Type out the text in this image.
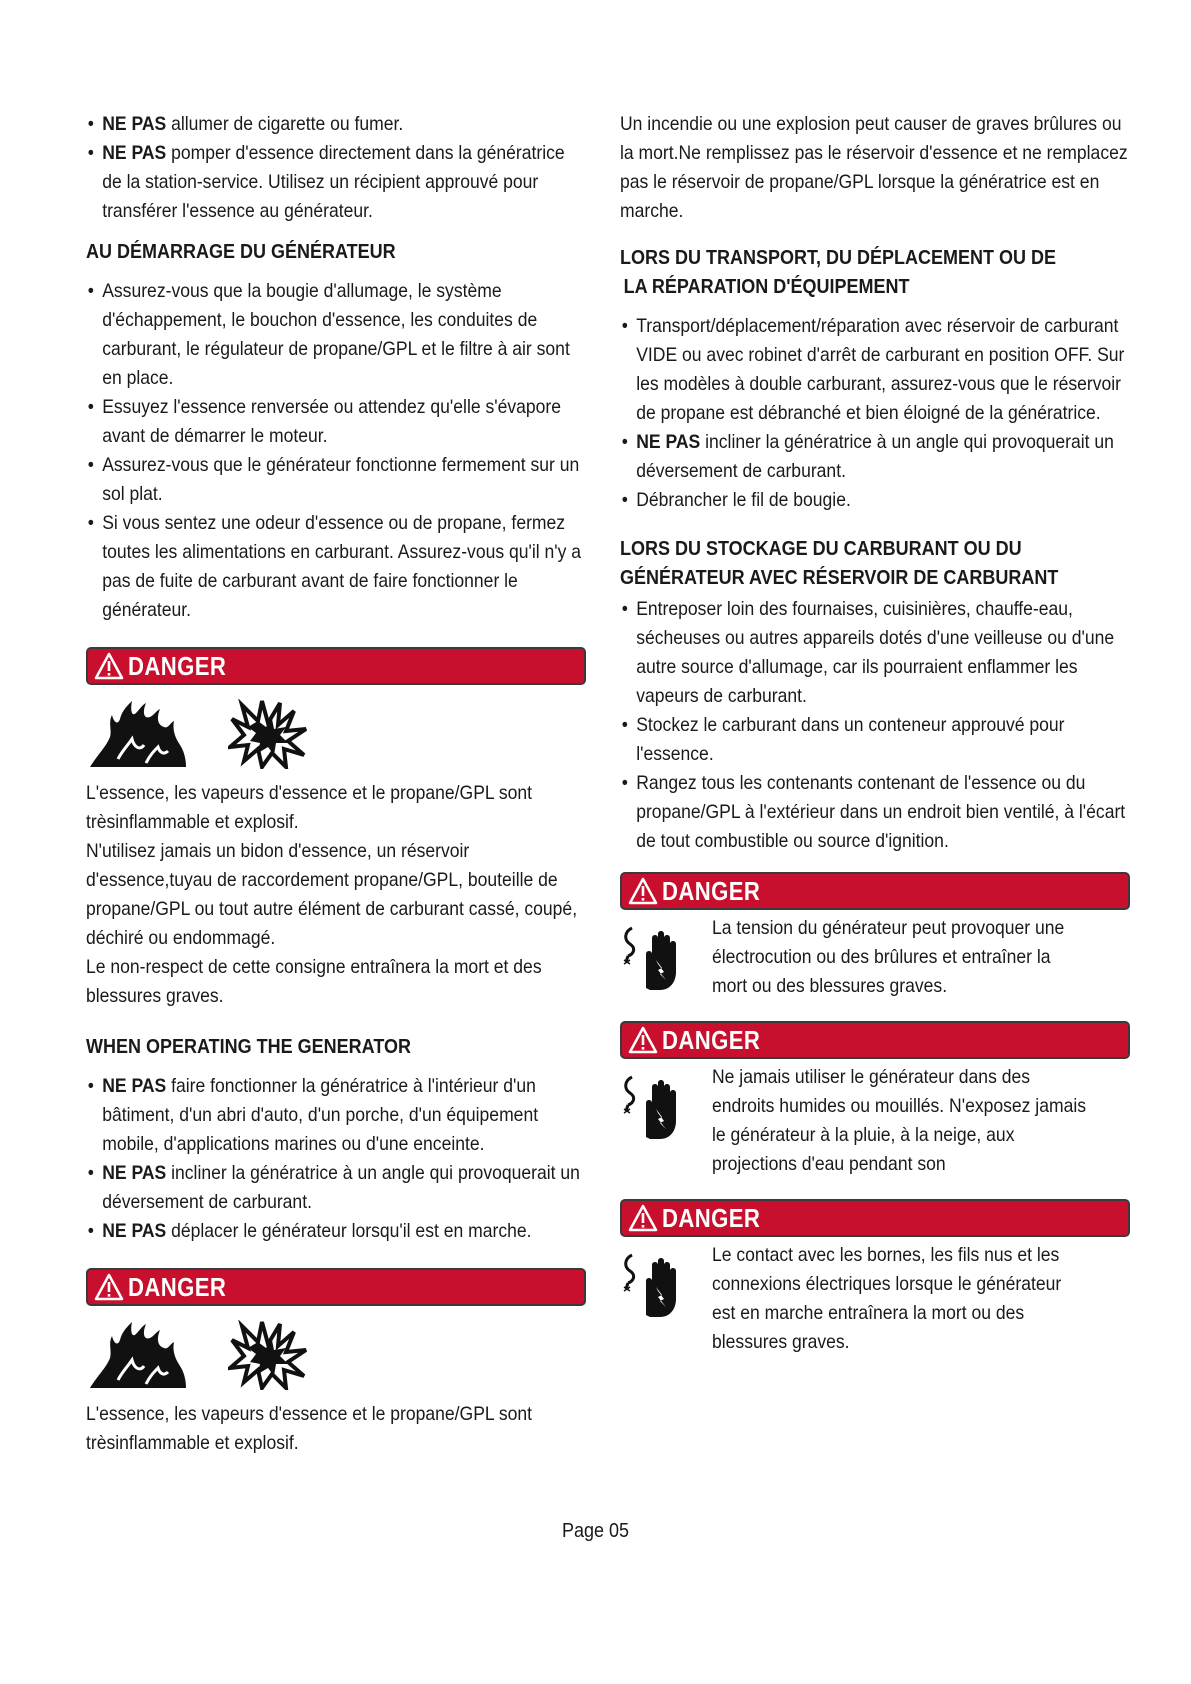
• NE PAS allumer de cigarette ou fumer.
• NE PAS pomper d'essence directement dans la génératrice de la station-service. Utilisez un récipient approuvé pour transférer l'essence au générateur.
AU DÉMARRAGE DU GÉNÉRATEUR
• Assurez-vous que la bougie d'allumage, le système d'échappement, le bouchon d'essence, les conduites de carburant, le régulateur de propane/GPL et le filtre à air sont en place.
• Essuyez l'essence renversée ou attendez qu'elle s'évapore avant de démarrer le moteur.
• Assurez-vous que le générateur fonctionne fermement sur un sol plat.
• Si vous sentez une odeur d'essence ou de propane, fermez toutes les alimentations en carburant. Assurez-vous qu'il n'y a pas de fuite de carburant avant de faire fonctionner le générateur.
DANGER

L'essence, les vapeurs d'essence et le propane/GPL sont trèsinflammable et explosif.

N'utilisez jamais un bidon d'essence, un réservoir d'essence,tuyau de raccordement propane/GPL, bouteille de propane/GPL ou tout autre élément de carburant cassé, coupé, déchiré ou endommagé.

Le non-respect de cette consigne entraînera la mort et des blessures graves.

WHEN OPERATING THE GENERATOR
• NE PAS faire fonctionner la génératrice à l'intérieur d'un bâtiment, d'un abri d'auto, d'un porche, d'un équipement mobile, d'applications marines ou d'une enceinte.
• NE PAS incliner la génératrice à un angle qui provoquerait un déversement de carburant.
• NE PAS déplacer le générateur lorsqu'il est en marche.
DANGER

L'essence, les vapeurs d'essence et le propane/GPL sont trèsinflammable et explosif.

Un incendie ou une explosion peut causer de graves brûlures ou la mort.Ne remplissez pas le réservoir d'essence et ne remplacez pas le réservoir de propane/GPL lorsque la génératrice est en marche.

LORS DU TRANSPORT, DU DÉPLACEMENT OU DE
LA RÉPARATION D'ÉQUIPEMENT
• Transport/déplacement/réparation avec réservoir de carburant VIDE ou avec robinet d'arrêt de carburant en position OFF. Sur les modèles à double carburant, assurez-vous que le réservoir de propane est débranché et bien éloigné de la génératrice.
• NE PAS incliner la génératrice à un angle qui provoquerait un déversement de carburant.
• Débrancher le fil de bougie.
LORS DU STOCKAGE DU CARBURANT OU DU
GÉNÉRATEUR AVEC RÉSERVOIR DE CARBURANT
• Entreposer loin des fournaises, cuisinières, chauffe-eau, sécheuses ou autres appareils dotés d'une veilleuse ou d'une autre source d'allumage, car ils pourraient enflammer les vapeurs de carburant.
• Stockez le carburant dans un conteneur approuvé pour l'essence.
• Rangez tous les contenants contenant de l'essence ou du propane/GPL à l'extérieur dans un endroit bien ventilé, à l'écart de tout combustible ou source d'ignition.
DANGER

La tension du générateur peut provoquer une électrocution ou des brûlures et entraîner la mort ou des blessures graves.

DANGER

Ne jamais utiliser le générateur dans des endroits humides ou mouillés. N'exposez jamais le générateur à la pluie, à la neige, aux projections d'eau pendant son

DANGER

Le contact avec les bornes, les fils nus et les connexions électriques lorsque le générateur est en marche entraînera la mort ou des blessures graves.

Page 05
